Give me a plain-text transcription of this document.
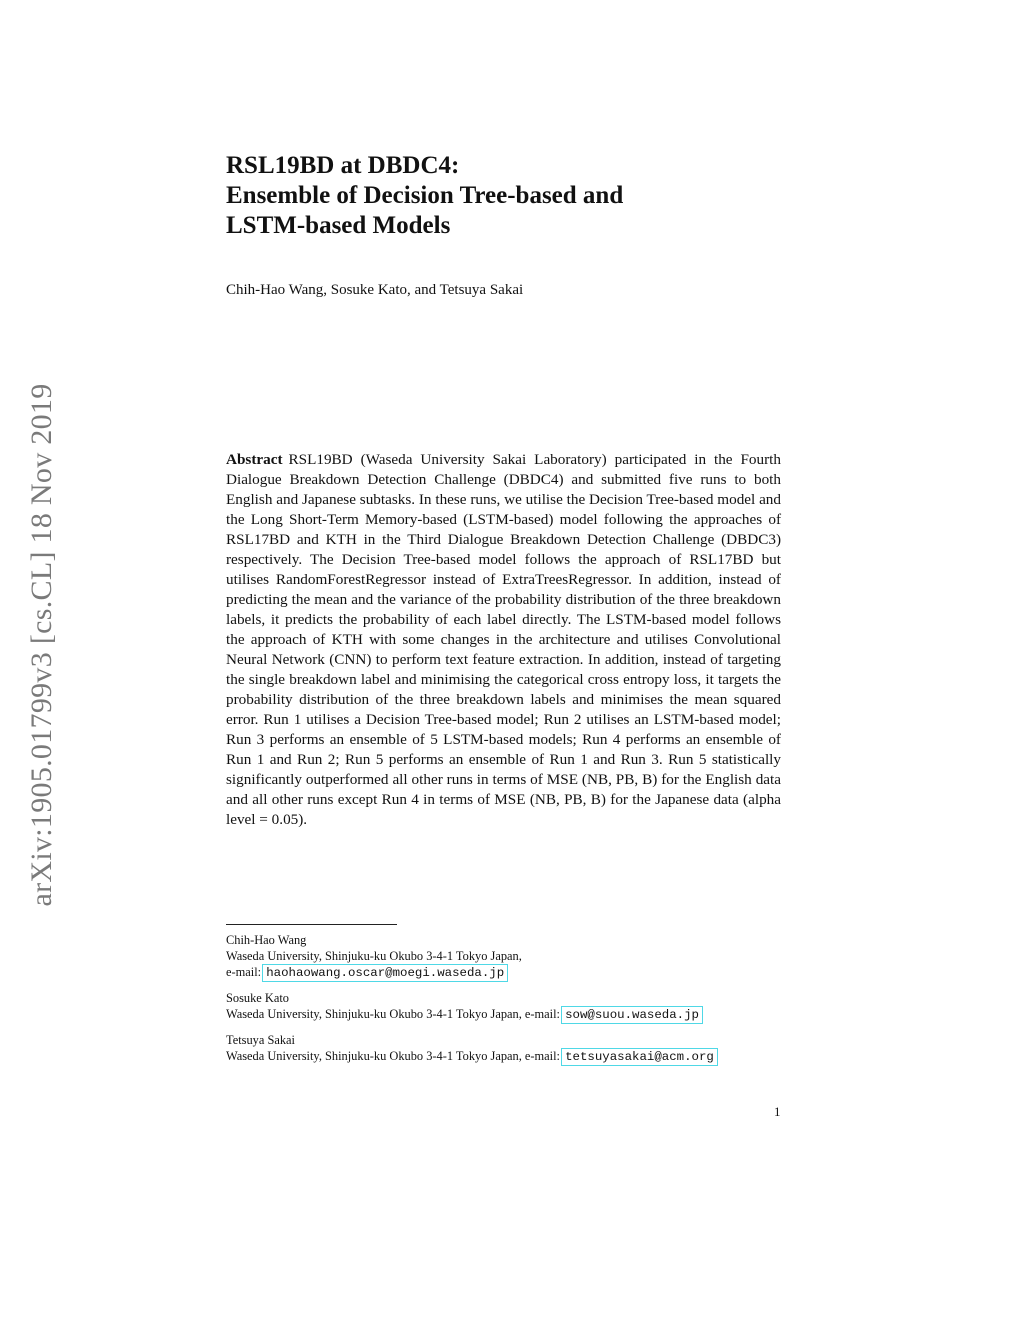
arXiv:1905.01799v3 [cs.CL] 18 Nov 2019
RSL19BD at DBDC4:
Ensemble of Decision Tree-based and
LSTM-based Models
Chih-Hao Wang, Sosuke Kato, and Tetsuya Sakai
Abstract RSL19BD (Waseda University Sakai Laboratory) participated in the Fourth Dialogue Breakdown Detection Challenge (DBDC4) and submitted five runs to both English and Japanese subtasks. In these runs, we utilise the Decision Tree-based model and the Long Short-Term Memory-based (LSTM-based) model following the approaches of RSL17BD and KTH in the Third Dialogue Breakdown Detection Challenge (DBDC3) respectively. The Decision Tree-based model follows the approach of RSL17BD but utilises RandomForestRegressor instead of ExtraTreesRegressor. In addition, instead of predicting the mean and the variance of the probability distribution of the three breakdown labels, it predicts the probability of each label directly. The LSTM-based model follows the approach of KTH with some changes in the architecture and utilises Convolutional Neural Network (CNN) to perform text feature extraction. In addition, instead of targeting the single breakdown label and minimising the categorical cross entropy loss, it targets the probability distribution of the three breakdown labels and minimises the mean squared error. Run 1 utilises a Decision Tree-based model; Run 2 utilises an LSTM-based model; Run 3 performs an ensemble of 5 LSTM-based models; Run 4 performs an ensemble of Run 1 and Run 2; Run 5 performs an ensemble of Run 1 and Run 3. Run 5 statistically significantly outperformed all other runs in terms of MSE (NB, PB, B) for the English data and all other runs except Run 4 in terms of MSE (NB, PB, B) for the Japanese data (alpha level = 0.05).
Chih-Hao Wang
Waseda University, Shinjuku-ku Okubo 3-4-1 Tokyo Japan,
e-mail: haohaowang.oscar@moegi.waseda.jp
Sosuke Kato
Waseda University, Shinjuku-ku Okubo 3-4-1 Tokyo Japan, e-mail: sow@suou.waseda.jp
Tetsuya Sakai
Waseda University, Shinjuku-ku Okubo 3-4-1 Tokyo Japan, e-mail: tetsuyasakai@acm.org
1
